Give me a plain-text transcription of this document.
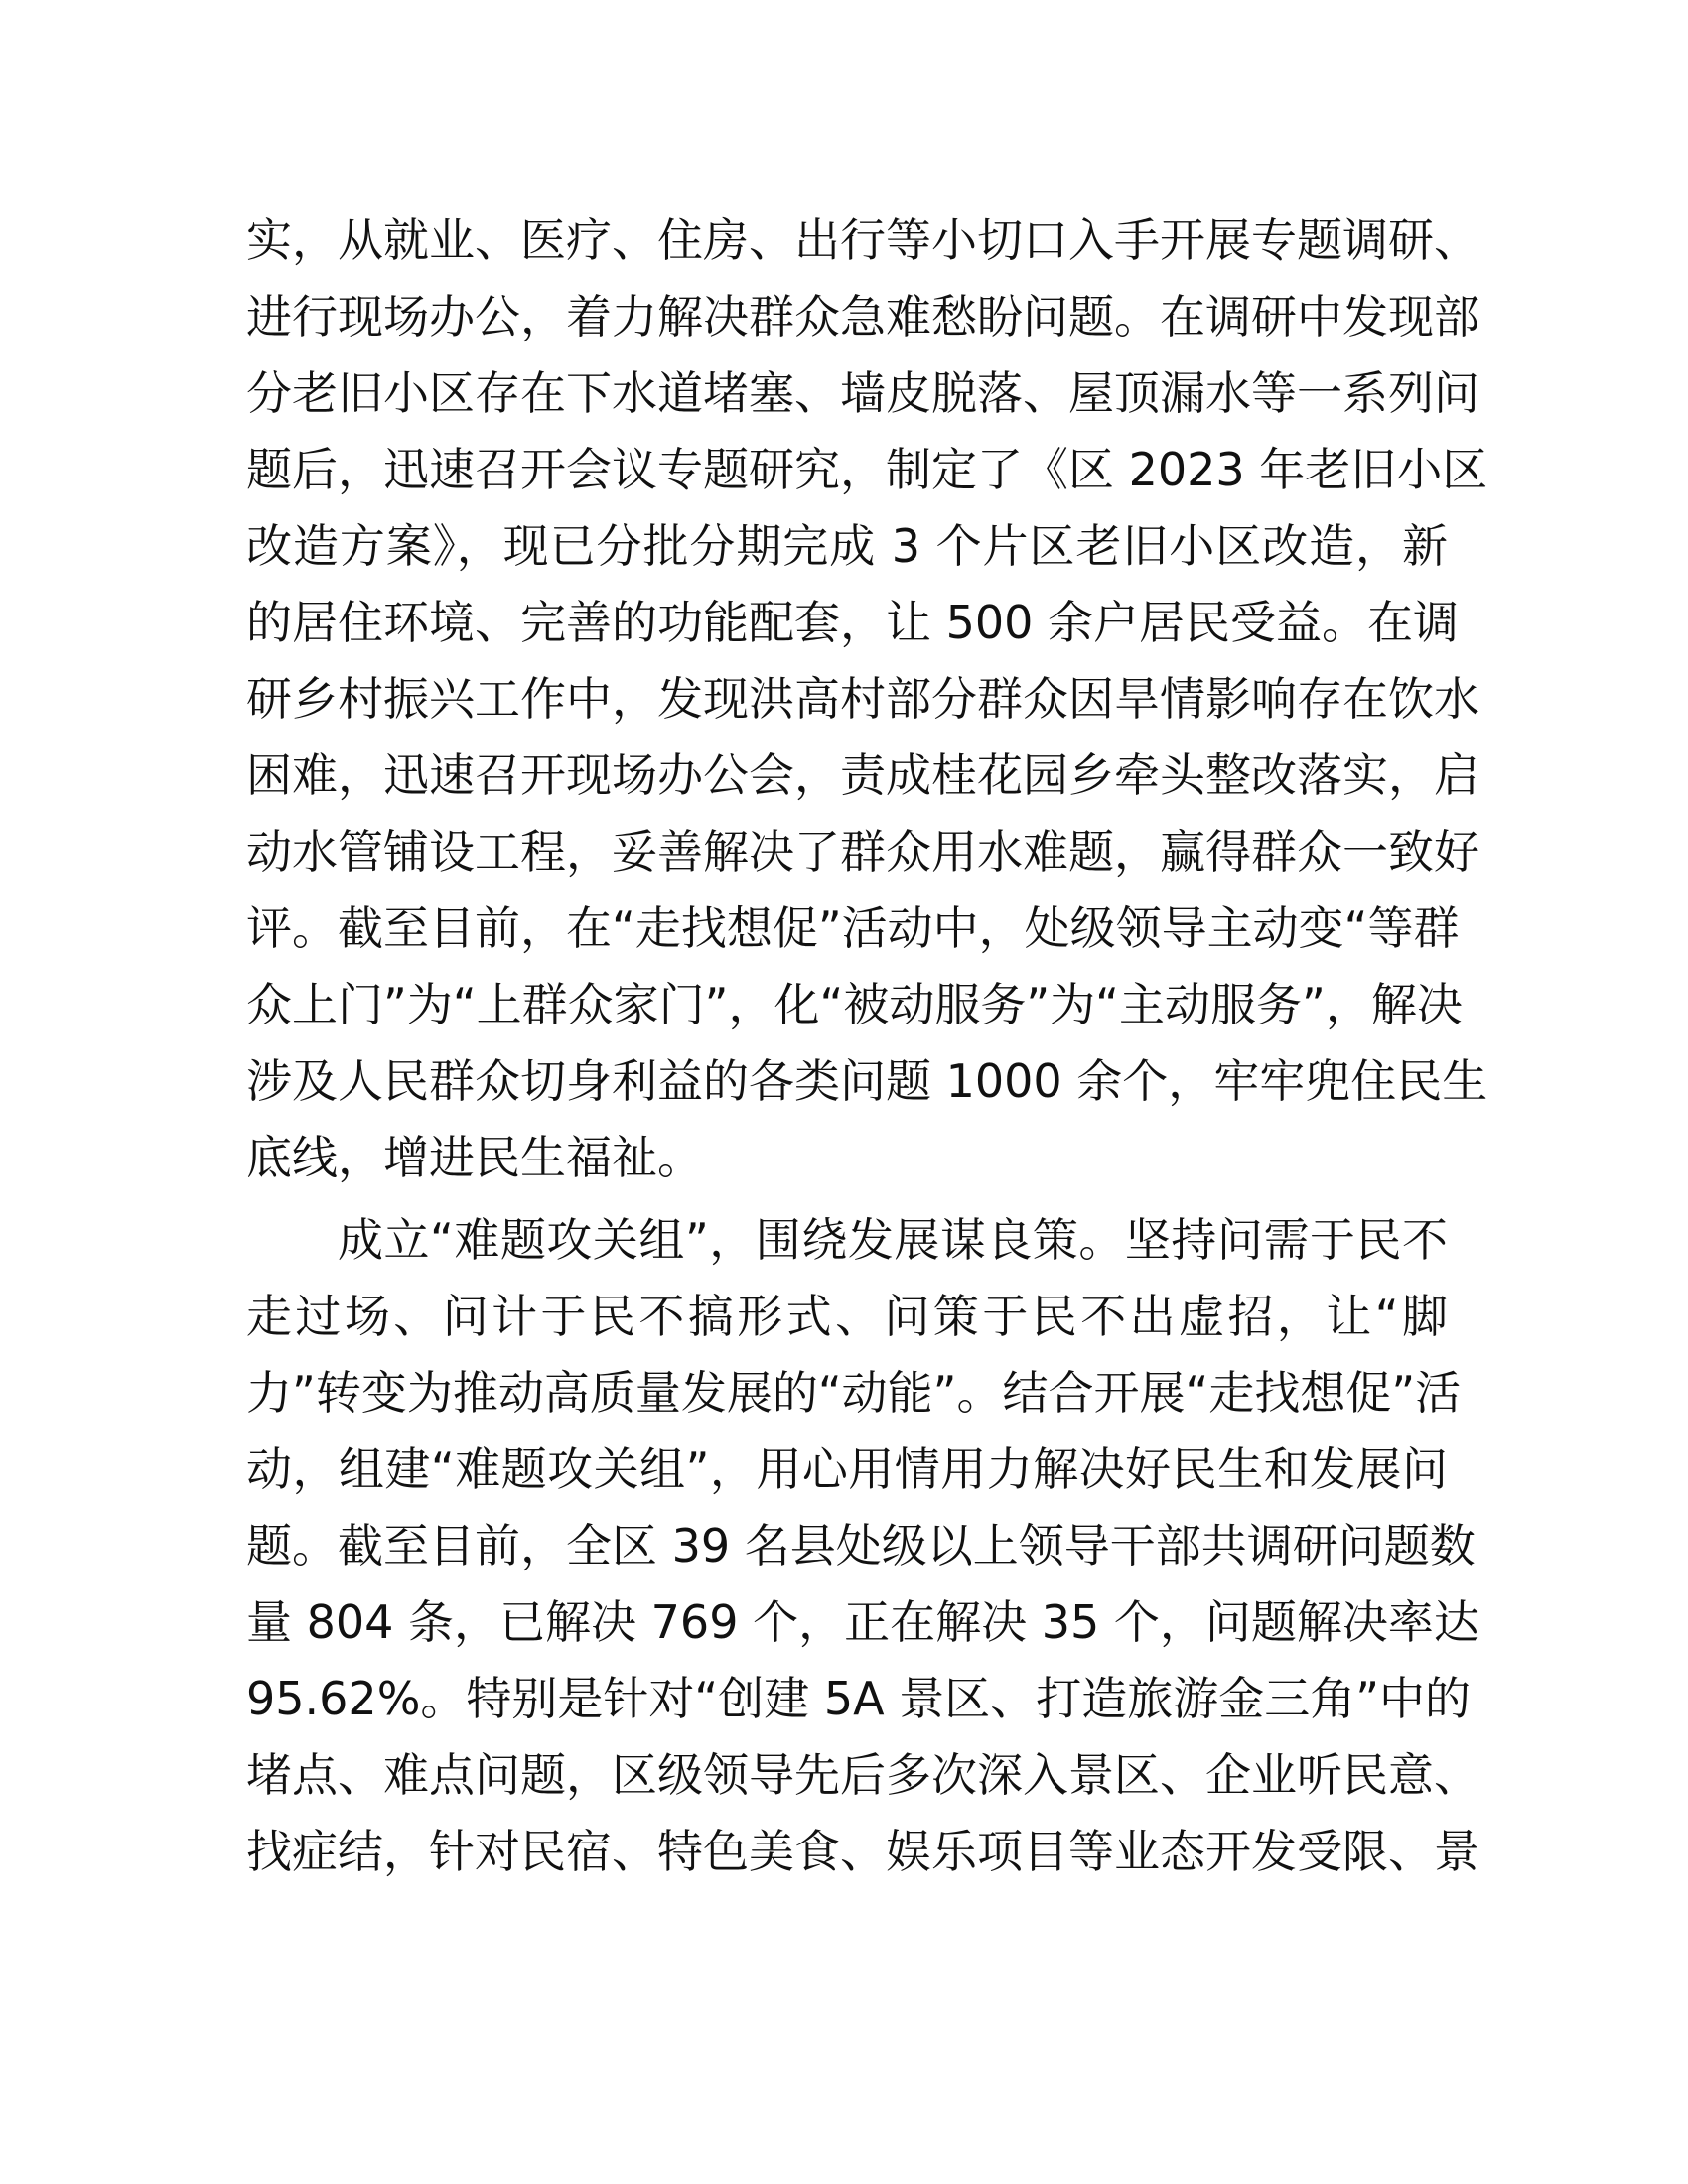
实，从就业、医疗、住房、出行等小切口入手开展专题调研、
进行现场办公，着力解决群众急难愁盼问题。在调研中发现部
分老旧小区存在下水道堵塞、墙皮脱落、屋顶漏水等一系列问
题后，迅速召开会议专题研究，制定了《区 2023 年老旧小区
改造方案》，现已分批分期完成 3 个片区老旧小区改造，新
的居住环境、完善的功能配套，让 500 余户居民受益。在调
研乡村振兴工作中，发现洪高村部分群众因旱情影响存在饮水
困难，迅速召开现场办公会，责成桂花园乡牵头整改落实，启
动水管铺设工程，妥善解决了群众用水难题，赢得群众一致好
评。截至目前，在“走找想促”活动中，处级领导主动变“等群
众上门”为“上群众家门”，化“被动服务”为“主动服务”，解决
涉及人民群众切身利益的各类问题 1000 余个，牢牢兜住民生
底线，增进民生福祉。
成立“难题攻关组”，围绕发展谋良策。坚持问需于民不
走过场、问计于民不搞形式、问策于民不出虚招，让“脚
力”转变为推动高质量发展的“动能”。结合开展“走找想促”活
动，组建“难题攻关组”，用心用情用力解决好民生和发展问
题。截至目前，全区 39 名县处级以上领导干部共调研问题数
量 804 条，已解决 769 个，正在解决 35 个，问题解决率达
95.62%。特别是针对“创建 5A 景区、打造旅游金三角”中的
堵点、难点问题，区级领导先后多次深入景区、企业听民意、
找症结，针对民宿、特色美食、娱乐项目等业态开发受限、景
